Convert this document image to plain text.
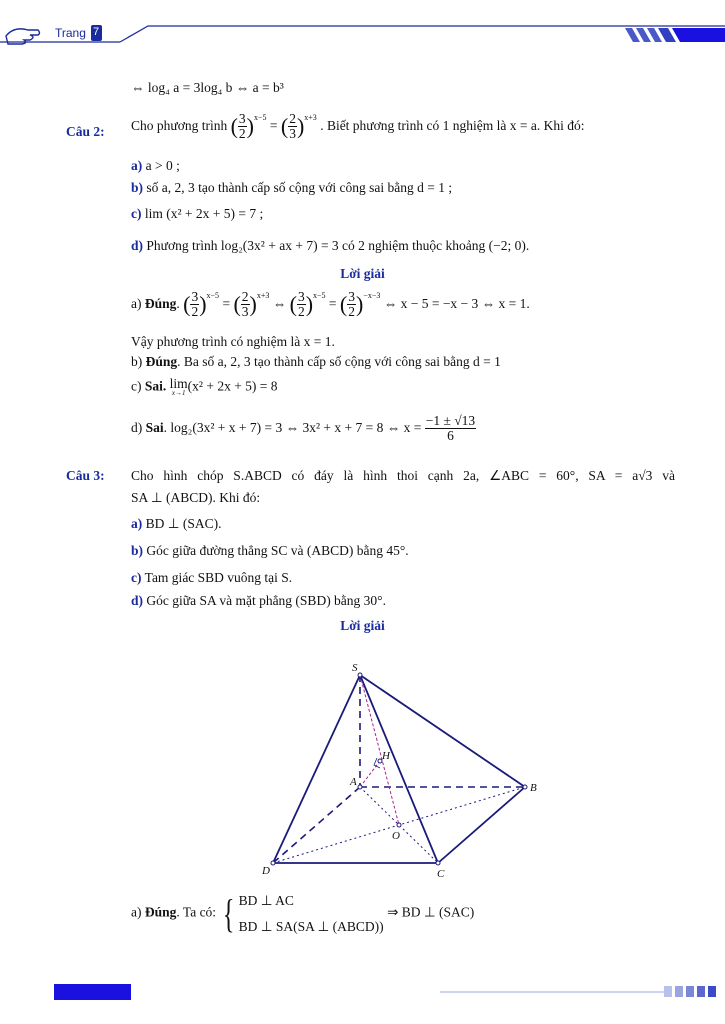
Trang 7
⇔ log₄ a = 3log₄ b ⇔ a = b³
Câu 2: Cho phương trình ( $\frac{3}{2} )^{x-5}$ = ( $\frac{2}{3} )^{x+3}$ . Biết phương trình có 1 nghiệm là x = a. Khi đó:
a) a > 0 ;
b) số a, 2, 3 tạo thành cấp số cộng với công sai bằng d = 1 ;
c) lim (x² + 2x + 5) = 7 ;
d) Phương trình log₂(3x² + ax + 7) = 3 có 2 nghiệm thuộc khoảng (−2; 0).
Lời giải
a) Đúng. ( $\frac{3}{2} )^{x-5}$ = ( $\frac{2}{3} )^{x+3}$ ⇔ ( $\frac{3}{2} )^{x-5}$ = ( $\frac{3}{2} )^{-x-3}$ ⇔ x − 5 = −x − 3 ⇔ x = 1.
Vậy phương trình có nghiệm là x = 1.
b) Đúng. Ba số a, 2, 3 tạo thành cấp số cộng với công sai bằng d = 1
c) Sai. lim
x→1 (x² + 2x + 5) = 8
d) Sai. log₂(3x² + x + 7) = 3 ⇔ 3x² + x + 7 = 8 ⇔ $x = \frac{-1 \pm √13}{6}$
Câu 3: Cho hình chóp S.ABCD có đáy là hình thoi cạnh 2a, ∠ABC = 60°, SA = a√3 và
SA ⊥ (ABCD). Khi đó:
a) BD ⊥ (SAC).
b) Góc giữa đường thẳng SC và (ABCD) bằng 45°.
c) Tam giác SBD vuông tại S.
d) Góc giữa SA và mặt phẳng (SBD) bằng 30°.
Lời giải
S
A	B
C
D
O
H
a) Đúng. Ta có: { BD ⊥ AC
BD ⊥ SA(SA ⊥ (ABCD))
⇒ BD ⊥ (SAC)
